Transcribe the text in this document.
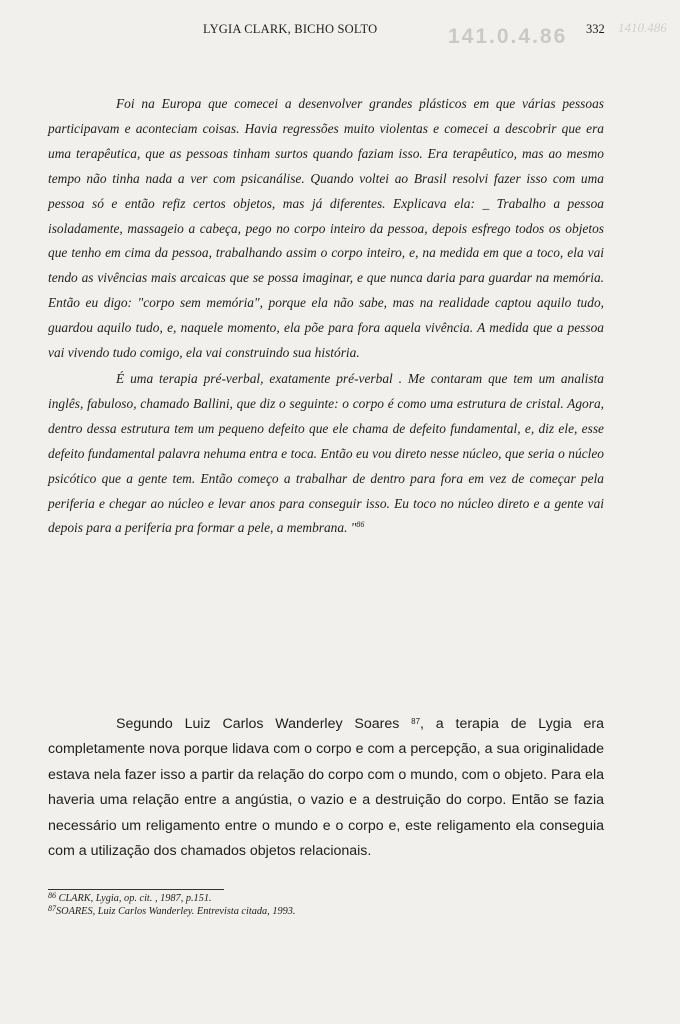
LYGIA CLARK, BICHO SOLTO	141.0.4.86 332 1410.486

Foi na Europa que comecei a desenvolver grandes plásticos em que várias pessoas participavam e aconteciam coisas. Havia regressões muito violentas e comecei a descobrir que era uma terapêutica, que as pessoas tinham surtos quando faziam isso. Era terapêutico, mas ao mesmo tempo não tinha nada a ver com psicanálise. Quando voltei ao Brasil resolvi fazer isso com uma pessoa só e então refiz certos objetos, mas já diferentes. Explicava ela: _ Trabalho a pessoa isoladamente, massageio a cabeça, pego no corpo inteiro da pessoa, depois esfrego todos os objetos que tenho em cima da pessoa, trabalhando assim o corpo inteiro, e, na medida em que a toco, ela vai tendo as vivências mais arcaicas que se possa imaginar, e que nunca daria para guardar na memória. Então eu digo: "corpo sem memória", porque ela não sabe, mas na realidade captou aquilo tudo, guardou aquilo tudo, e, naquele momento, ela põe para fora aquela vivência. A medida que a pessoa vai vivendo tudo comigo, ela vai construindo sua história.

É uma terapia pré-verbal, exatamente pré-verbal . Me contaram que tem um analista inglês, fabuloso, chamado Ballini, que diz o seguinte: o corpo é como uma estrutura de cristal. Agora, dentro dessa estrutura tem um pequeno defeito que ele chama de defeito fundamental, e, diz ele, esse defeito fundamental palavra nehuma entra e toca. Então eu vou direto nesse núcleo, que seria o núcleo psicótico que a gente tem. Então começo a trabalhar de dentro para fora em vez de começar pela periferia e chegar ao núcleo e levar anos para conseguir isso. Eu toco no núcleo direto e a gente vai depois para a periferia pra formar a pele, a membrana. "$^{86}$

Segundo Luiz Carlos Wanderley Soares $^{87}$, a terapia de Lygia era completamente nova porque lidava com o corpo e com a percepção, a sua originalidade estava nela fazer isso a partir da relação do corpo com o mundo, com o objeto. Para ela haveria uma relação entre a angústia, o vazio e a destruição do corpo. Então se fazia necessário um religamento entre o mundo e o corpo e, este religamento ela conseguia com a utilização dos chamados objetos relacionais.

$^{86}$ CLARK, Lygia, op. cit. , 1987, p.151.

$^{87}$SOARES, Luiz Carlos Wanderley. Entrevista citada, 1993.
